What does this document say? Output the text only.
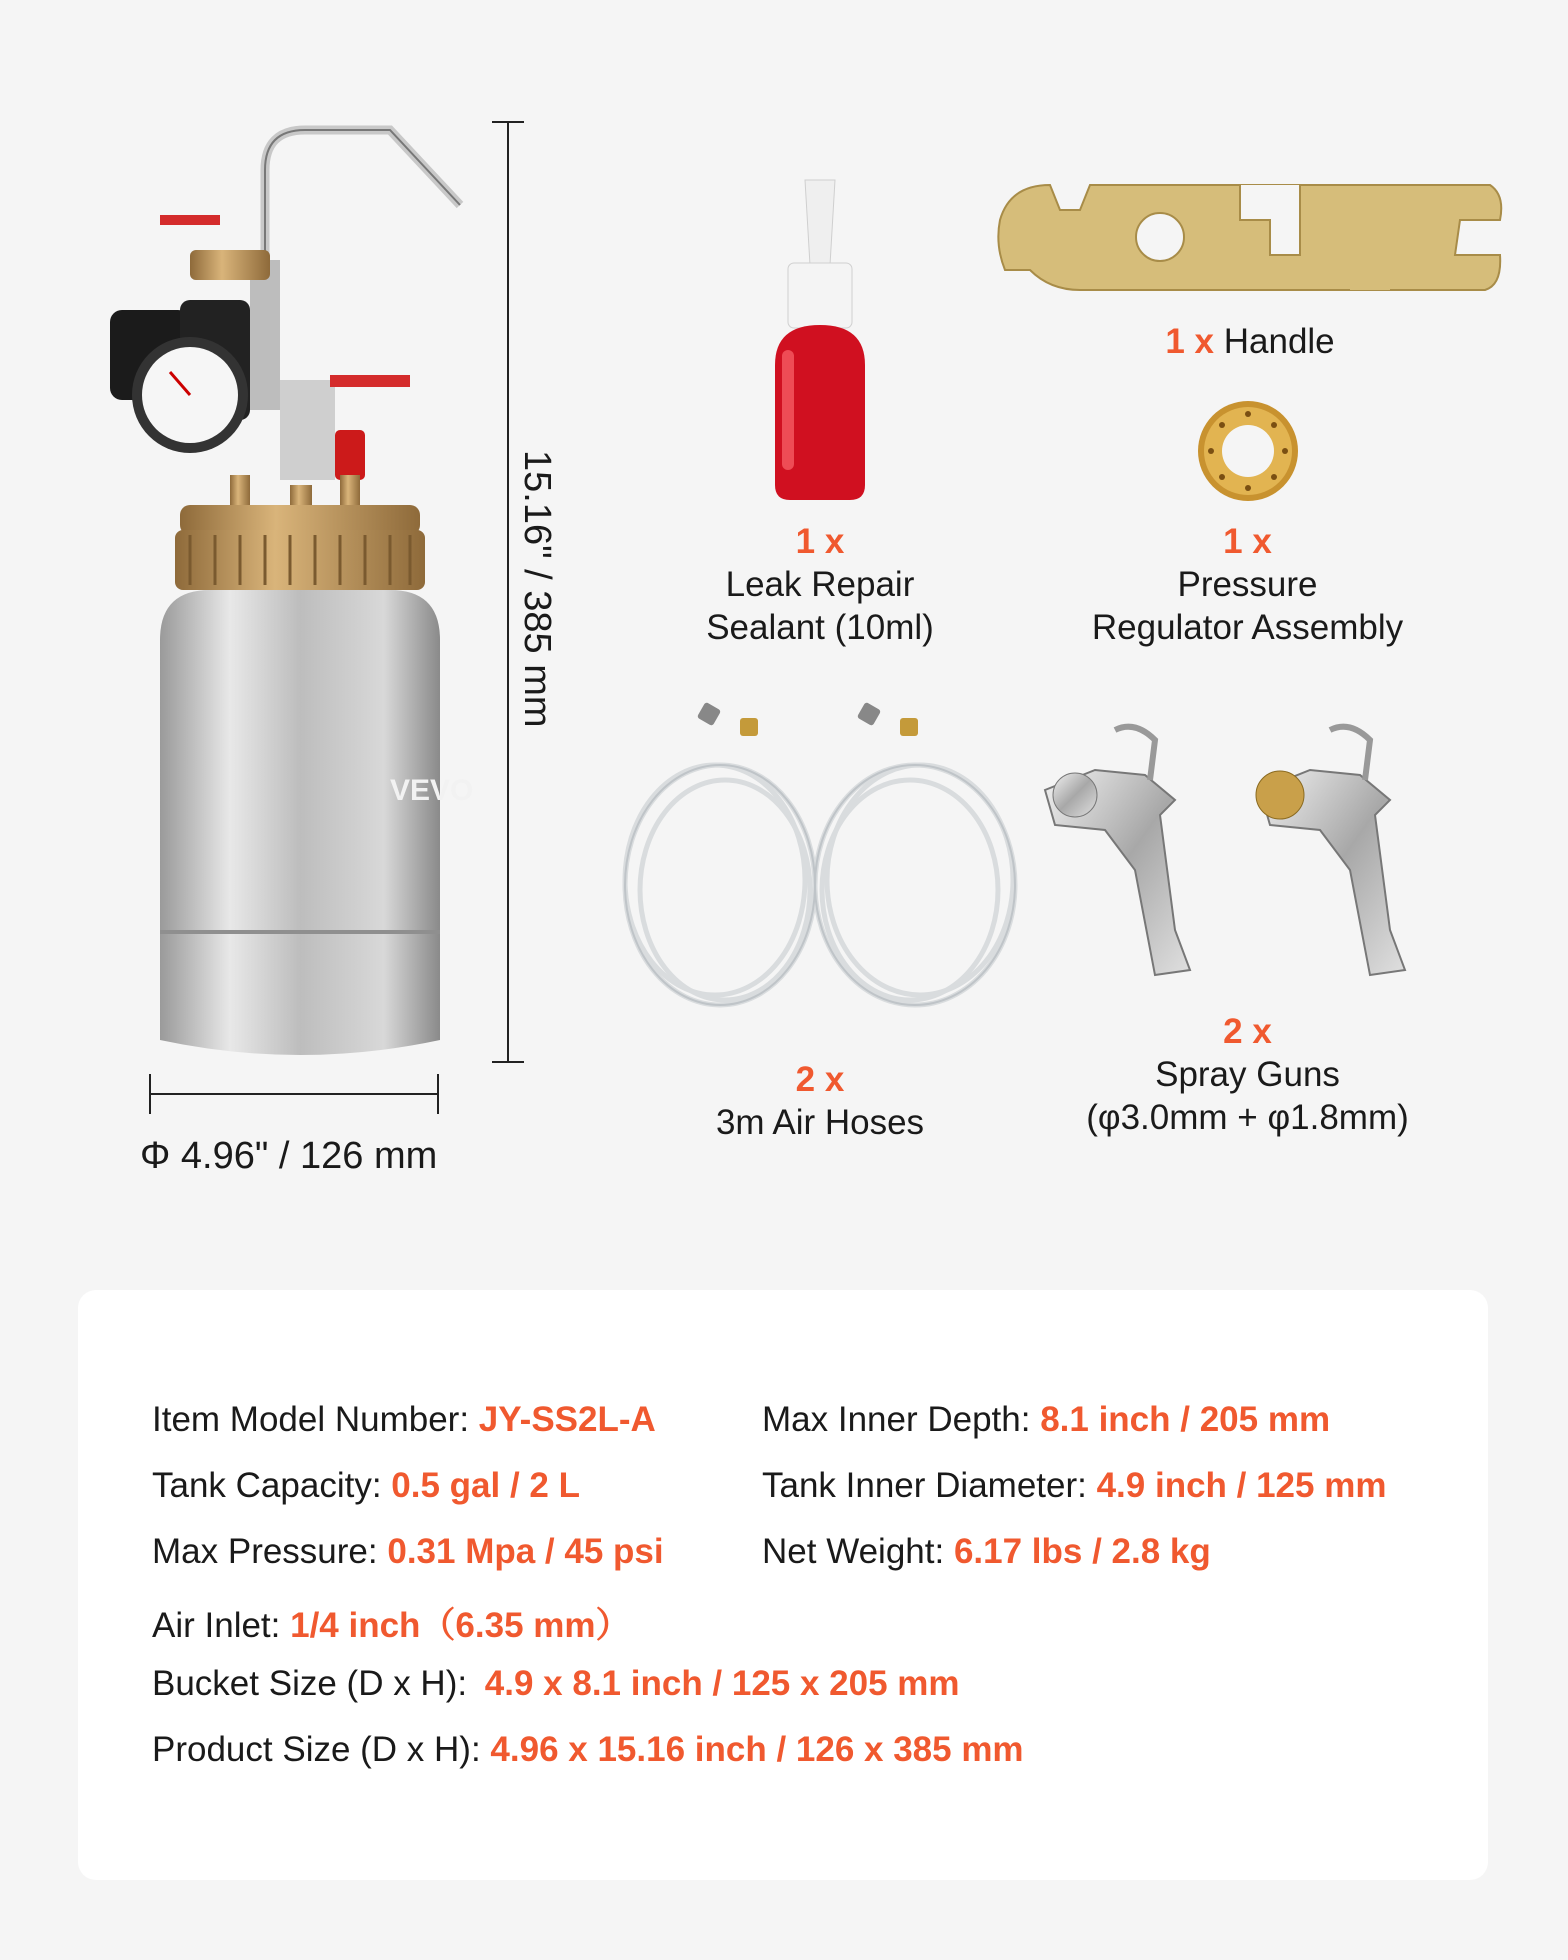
VEVO
15.16" / 385 mm
Φ 4.96" / 126 mm
1 x
Leak Repair
Sealant (10ml)
1 x Handle
1 x
Pressure
Regulator Assembly
2 x
3m Air Hoses
2 x
Spray Guns
(φ3.0mm + φ1.8mm)
Item Model Number: JY-SS2L-A	Max Inner Depth: 8.1 inch / 205 mm
Tank Capacity: 0.5 gal / 2 L	Tank Inner Diameter: 4.9 inch / 125 mm
Max Pressure: 0.31 Mpa / 45 psi	Net Weight: 6.17 lbs / 2.8 kg
Air Inlet: 1/4 inch（6.35 mm）
Bucket Size (D x H): 4.9 x 8.1 inch / 125 x 205 mm
Product Size (D x H): 4.96 x 15.16 inch / 126 x 385 mm
